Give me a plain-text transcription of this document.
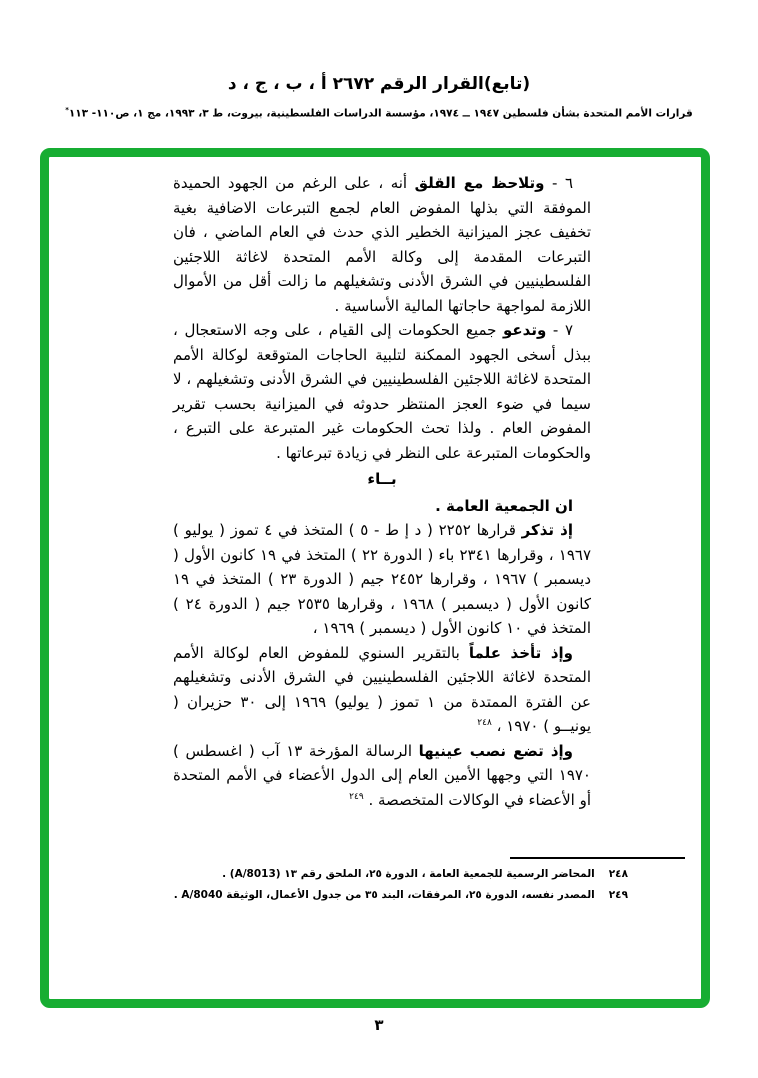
(تابع)القرار الرقم ٢٦٧٢ أ ، ب ، ج ، د
قرارات الأمم المتحدة بشأن فلسطين ١٩٤٧ ــ ١٩٧٤، مؤسسة الدراسات الفلسطينية، بيروت، ط ٣، ١٩٩٣، مج ١، ص١١٠- ١١٣*
٦ - وتلاحظ مع القلق أنه ، على الرغم من الجهود الحميدة الموفقة التي بذلها المفوض العام لجمع التبرعات الاضافية بغية تخفيف عجز الميزانية الخطير الذي حدث في العام الماضي ، فان التبرعات المقدمة إلى وكالة الأمم المتحدة لاغاثة اللاجئين الفلسطينيين في الشرق الأدنى وتشغيلهم ما زالت أقل من الأموال اللازمة لمواجهة حاجاتها المالية الأساسية .
٧ - وتدعو جميع الحكومات إلى القيام ، على وجه الاستعجال ، ببذل أسخى الجهود الممكنة لتلبية الحاجات المتوقعة لوكالة الأمم المتحدة لاغاثة اللاجئين الفلسطينيين في الشرق الأدنى وتشغيلهم ، لا سيما في ضوء العجز المنتظر حدوثه في الميزانية بحسب تقرير المفوض العام . ولذا تحث الحكومات غير المتبرعة على التبرع ، والحكومات المتبرعة على النظر في زيادة تبرعاتها .
بــاء
ان الجمعية العامة .
إذ تذكر قرارها ٢٢٥٢ ( د إ ط - ٥ ) المتخذ في ٤ تموز ( يوليو ) ١٩٦٧ ، وقرارها ٢٣٤١ باء ( الدورة ٢٢ ) المتخذ في ١٩ كانون الأول ( ديسمبر ) ١٩٦٧ ، وقرارها ٢٤٥٢ جيم ( الدورة ٢٣ ) المتخذ في ١٩ كانون الأول ( ديسمبر ) ١٩٦٨ ، وقرارها ٢٥٣٥ جيم ( الدورة ٢٤ ) المتخذ في ١٠ كانون الأول ( ديسمبر ) ١٩٦٩ ،
وإذ تأخذ علماً بالتقرير السنوي للمفوض العام لوكالة الأمم المتحدة لاغاثة اللاجئين الفلسطينيين في الشرق الأدنى وتشغيلهم عن الفترة الممتدة من ١ تموز ( يوليو) ١٩٦٩ إلى ٣٠ حزيران ( يونيــو ) ١٩٧٠ ، $^{٢٤٨}$
وإذ تضع نصب عينيها الرسالة المؤرخة ١٣ آب ( اغسطس ) ١٩٧٠ التي وجهها الأمين العام إلى الدول الأعضاء في الأمم المتحدة أو الأعضاء في الوكالات المتخصصة . $^{٢٤٩}$
٢٤٨المحاضر الرسمية للجمعية العامة ، الدورة ٢٥، الملحق رقم ١٣ (A/8013) .
٢٤٩المصدر نفسه، الدورة ٢٥، المرفقات، البند ٣٥ من جدول الأعمال، الوثيقة A/8040 .
٣
